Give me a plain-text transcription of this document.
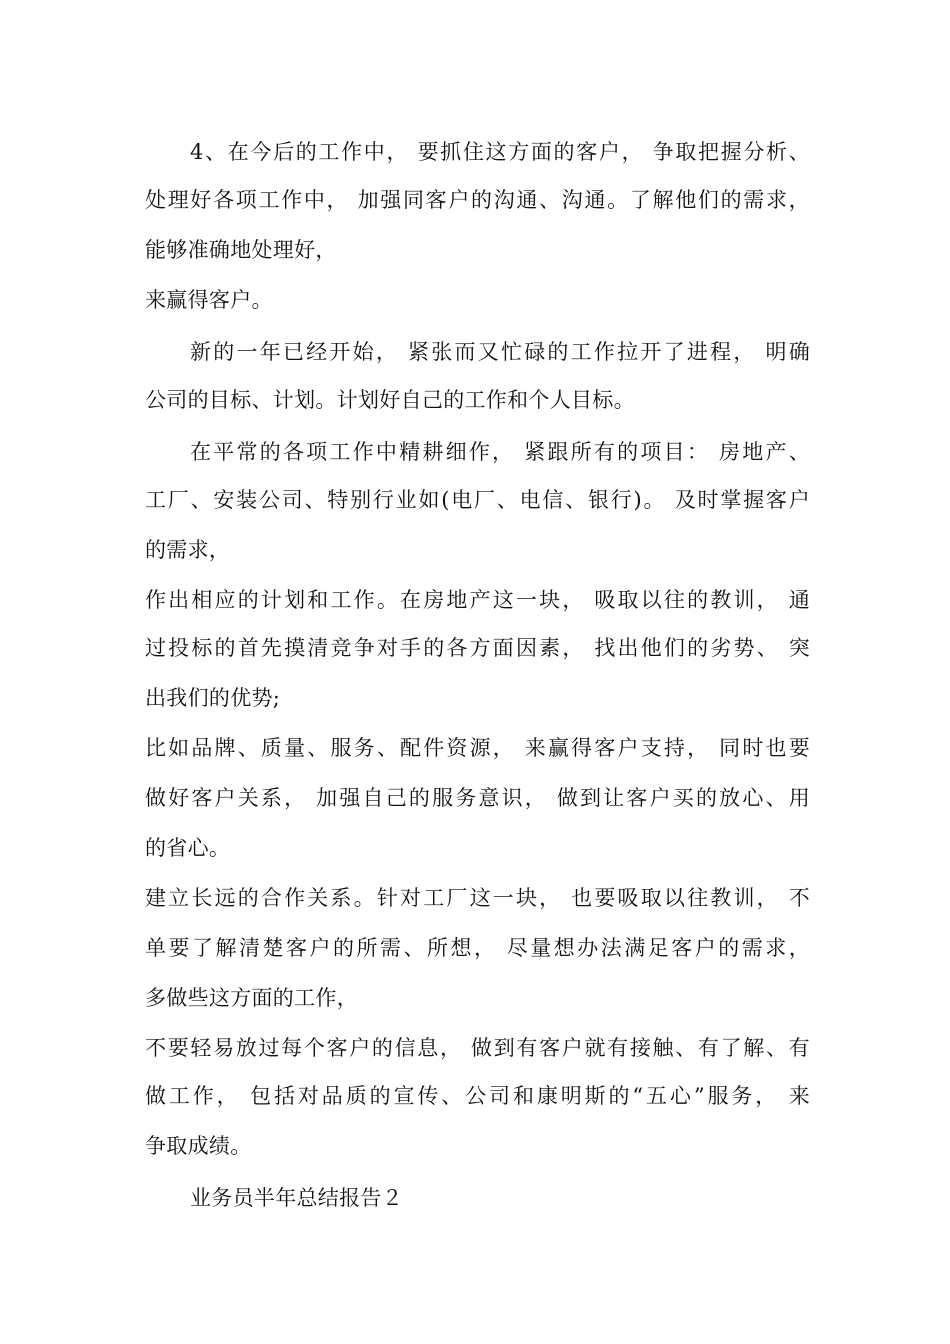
4、在今后的工作中， 要抓住这方面的客户， 争取把握分析、
处理好各项工作中， 加强同客户的沟通、沟通。了解他们的需求，
能够准确地处理好，
来赢得客户。
新的一年已经开始， 紧张而又忙碌的工作拉开了进程， 明确
公司的目标、计划。计划好自己的工作和个人目标。
在平常的各项工作中精耕细作， 紧跟所有的项目： 房地产、
工厂、安装公司、特别行业如(电厂、电信、银行)。 及时掌握客户
的需求，
作出相应的计划和工作。在房地产这一块， 吸取以往的教训， 通
过投标的首先摸清竞争对手的各方面因素， 找出他们的劣势、 突
出我们的优势;
比如品牌、质量、服务、配件资源， 来赢得客户支持， 同时也要
做好客户关系， 加强自己的服务意识， 做到让客户买的放心、用
的省心。
建立长远的合作关系。针对工厂这一块， 也要吸取以往教训， 不
单要了解清楚客户的所需、所想， 尽量想办法满足客户的需求，
多做些这方面的工作，
不要轻易放过每个客户的信息， 做到有客户就有接触、有了解、有
做工作， 包括对品质的宣传、公司和康明斯的“五心”服务， 来
争取成绩。
业务员半年总结报告２
